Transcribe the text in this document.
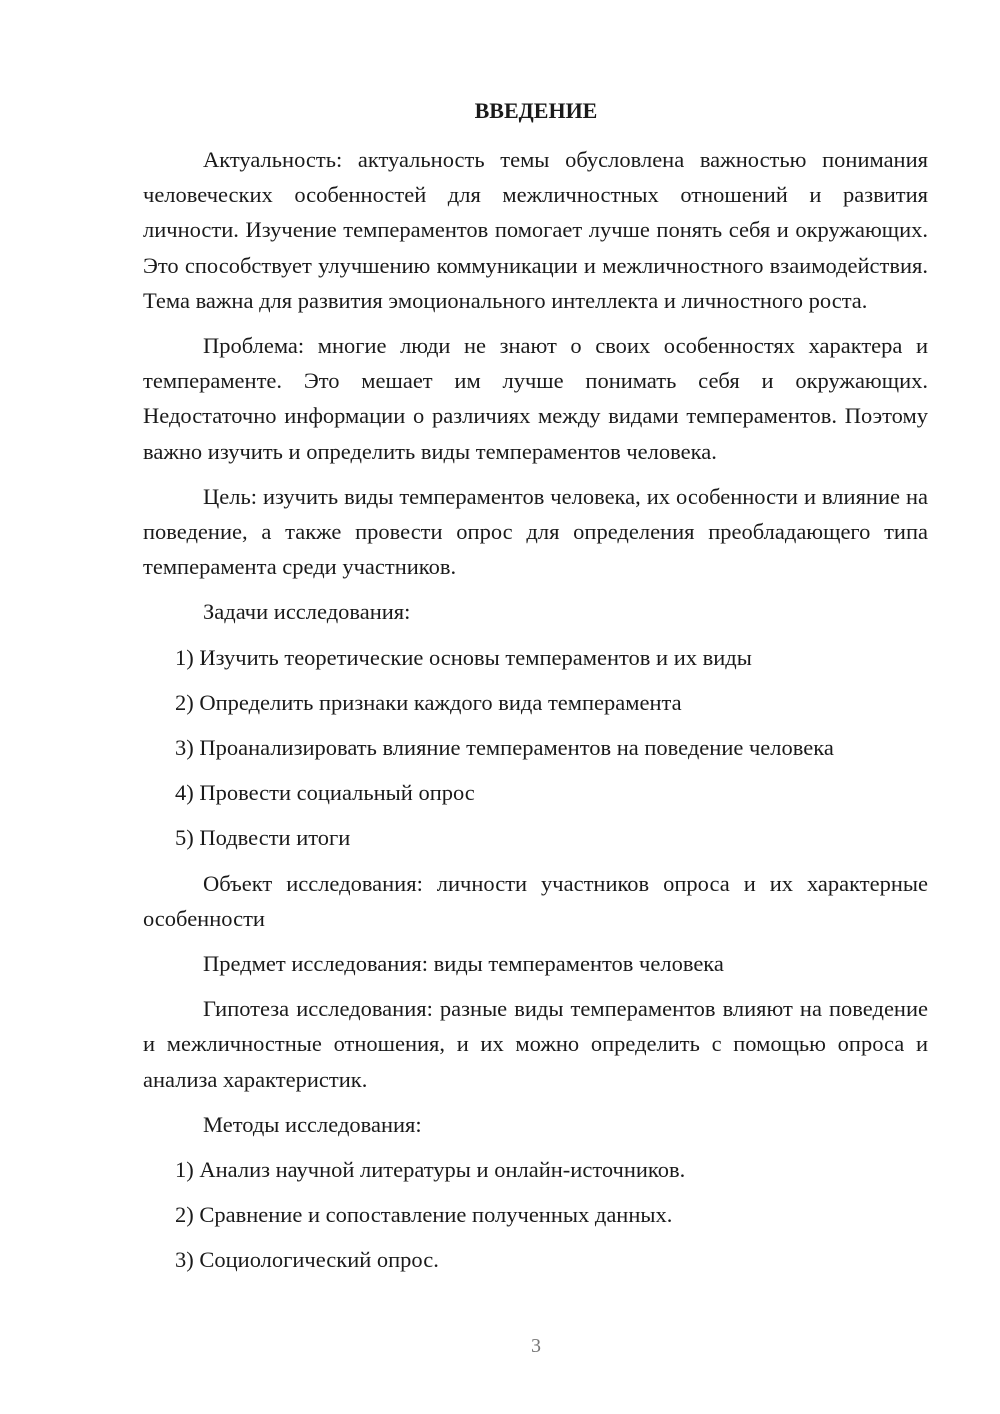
ВВЕДЕНИЕ

Актуальность: актуальность темы обусловлена важностью понимания человеческих особенностей для межличностных отношений и развития личности. Изучение темпераментов помогает лучше понять себя и окружающих. Это способствует улучшению коммуникации и межличностного взаимодействия. Тема важна для развития эмоционального интеллекта и личностного роста.

Проблема: многие люди не знают о своих особенностях характера и темпераменте. Это мешает им лучше понимать себя и окружающих. Недостаточно информации о различиях между видами темпераментов. Поэтому важно изучить и определить виды темпераментов человека.

Цель: изучить виды темпераментов человека, их особенности и влияние на поведение, а также провести опрос для определения преобладающего типа темперамента среди участников.

Задачи исследования:

1) Изучить теоретические основы темпераментов и их виды
2) Определить признаки каждого вида темперамента
3) Проанализировать влияние темпераментов на поведение человека
4) Провести социальный опрос
5) Подвести итоги

Объект исследования: личности участников опроса и их характерные особенности

Предмет исследования: виды темпераментов человека

Гипотеза исследования: разные виды темпераментов влияют на поведение и межличностные отношения, и их можно определить с помощью опроса и анализа характеристик.

Методы исследования:

1) Анализ научной литературы и онлайн-источников.
2) Сравнение и сопоставление полученных данных.
3) Социологический опрос.
3
